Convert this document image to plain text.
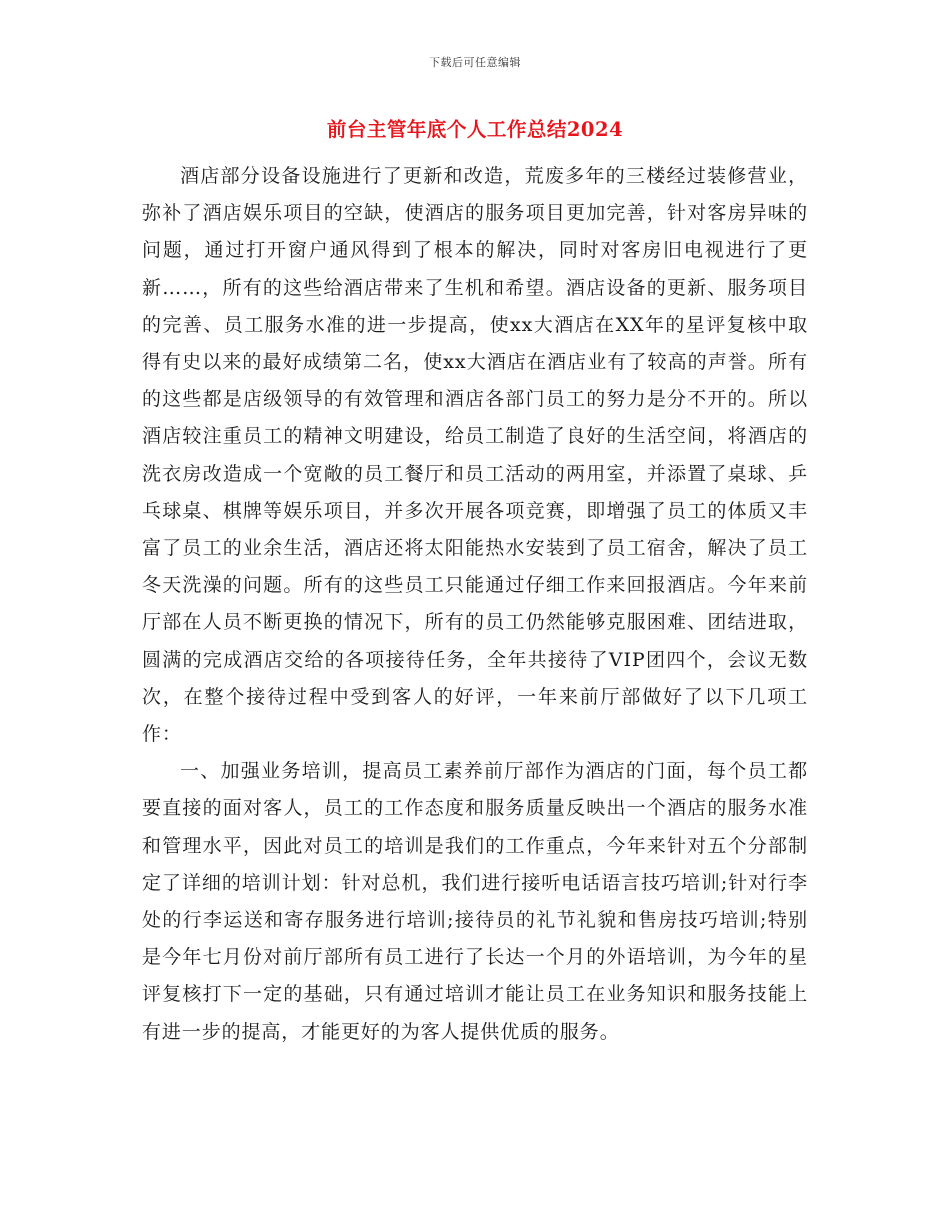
下载后可任意编辑
前台主管年底个人工作总结2024

酒店部分设备设施进行了更新和改造，荒废多年的三楼经过装修营业，弥补了酒店娱乐项目的空缺，使酒店的服务项目更加完善，针对客房异味的问题，通过打开窗户通风得到了根本的解决，同时对客房旧电视进行了更新……，所有的这些给酒店带来了生机和希望。酒店设备的更新、服务项目的完善、员工服务水准的进一步提高，使xx大酒店在XX年的星评复核中取得有史以来的最好成绩第二名，使xx大酒店在酒店业有了较高的声誉。所有的这些都是店级领导的有效管理和酒店各部门员工的努力是分不开的。所以酒店较注重员工的精神文明建设，给员工制造了良好的生活空间，将酒店的洗衣房改造成一个宽敞的员工餐厅和员工活动的两用室，并添置了桌球、乒乓球桌、棋牌等娱乐项目，并多次开展各项竞赛，即增强了员工的体质又丰富了员工的业余生活，酒店还将太阳能热水安装到了员工宿舍，解决了员工冬天洗澡的问题。所有的这些员工只能通过仔细工作来回报酒店。今年来前厅部在人员不断更换的情况下，所有的员工仍然能够克服困难、团结进取，圆满的完成酒店交给的各项接待任务，全年共接待了VIP团四个，会议无数次，在整个接待过程中受到客人的好评，一年来前厅部做好了以下几项工作：

一、加强业务培训，提高员工素养前厅部作为酒店的门面，每个员工都要直接的面对客人，员工的工作态度和服务质量反映出一个酒店的服务水准和管理水平，因此对员工的培训是我们的工作重点，今年来针对五个分部制定了详细的培训计划：针对总机，我们进行接听电话语言技巧培训;针对行李处的行李运送和寄存服务进行培训;接待员的礼节礼貌和售房技巧培训;特别是今年七月份对前厅部所有员工进行了长达一个月的外语培训，为今年的星评复核打下一定的基础，只有通过培训才能让员工在业务知识和服务技能上有进一步的提高，才能更好的为客人提供优质的服务。
